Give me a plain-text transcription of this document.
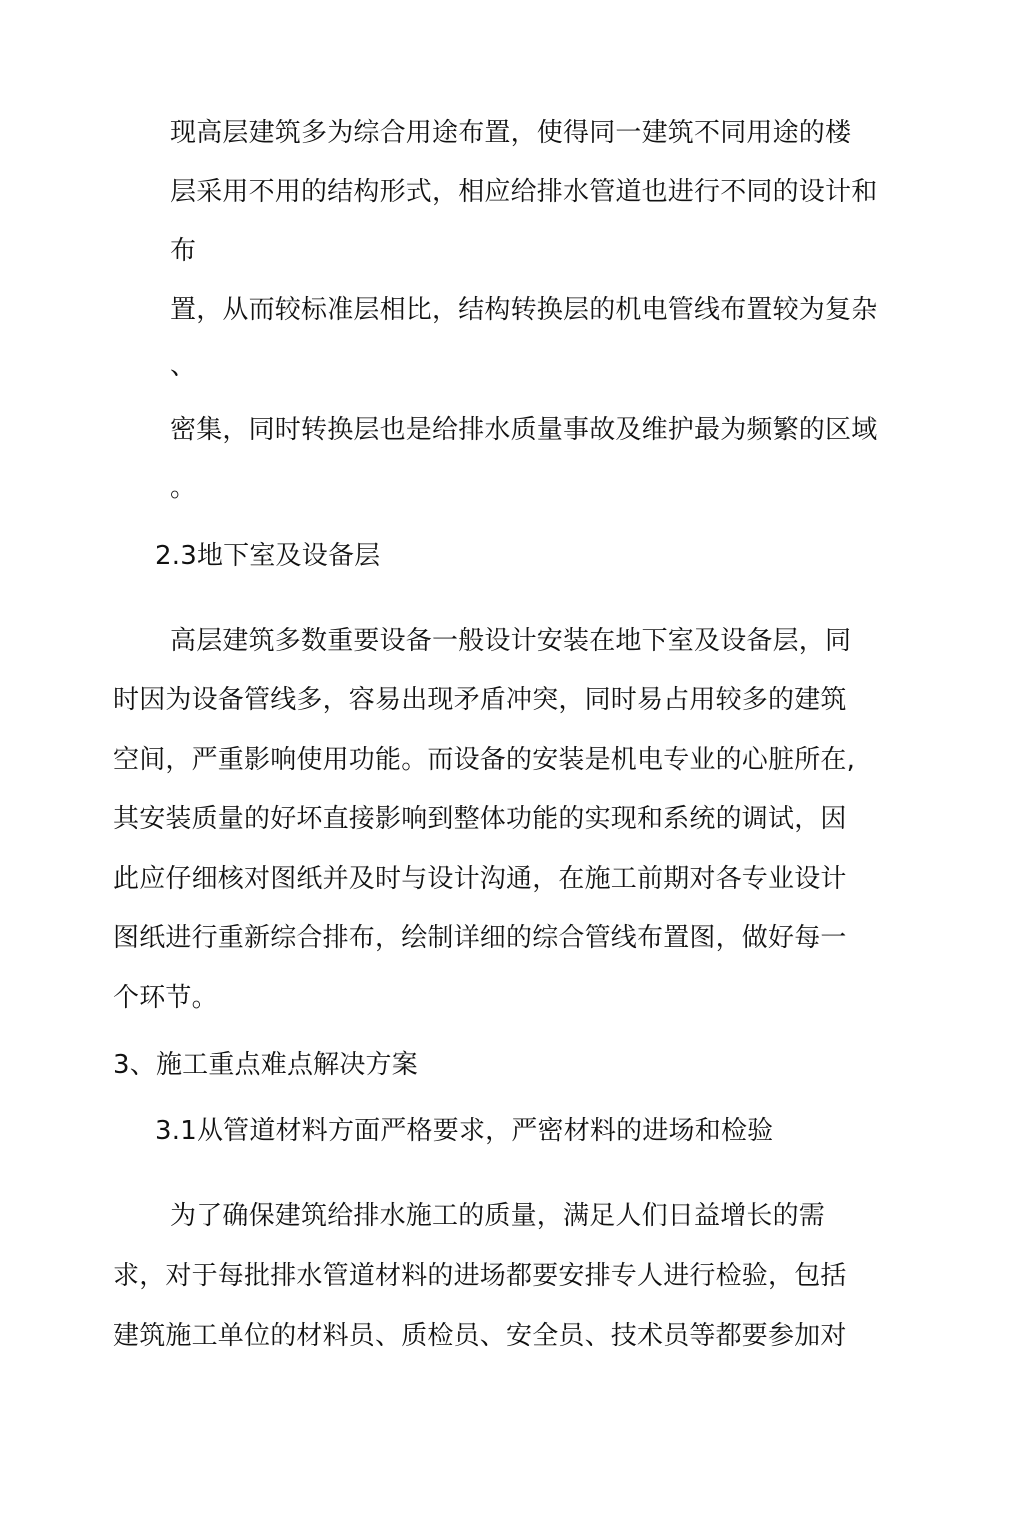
现高层建筑多为综合用途布置，使得同一建筑不同用途的楼
层采用不用的结构形式，相应给排水管道也进行不同的设计和
布
置，从而较标准层相比，结构转换层的机电管线布置较为复杂
、
密集，同时转换层也是给排水质量事故及维护最为频繁的区域
。
2.3地下室及设备层
高层建筑多数重要设备一般设计安装在地下室及设备层，同
时因为设备管线多，容易出现矛盾冲突，同时易占用较多的建筑
空间，严重影响使用功能。而设备的安装是机电专业的心脏所在,
其安装质量的好坏直接影响到整体功能的实现和系统的调试，因
此应仔细核对图纸并及时与设计沟通，在施工前期对各专业设计
图纸进行重新综合排布，绘制详细的综合管线布置图，做好每一
个环节。
3、施工重点难点解决方案
3.1从管道材料方面严格要求，严密材料的进场和检验
为了确保建筑给排水施工的质量，满足人们日益增长的需
求，对于每批排水管道材料的进场都要安排专人进行检验，包括
建筑施工单位的材料员、质检员、安全员、技术员等都要参加对
